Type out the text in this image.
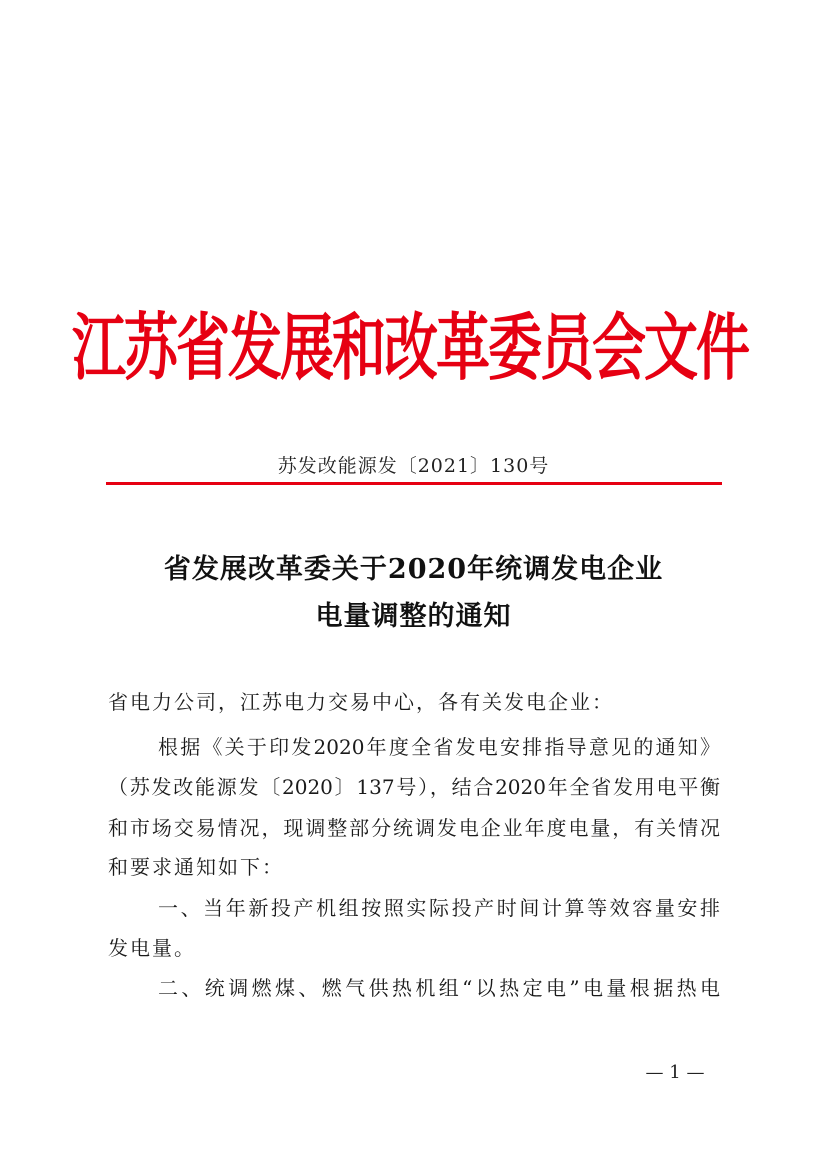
江苏省发展和改革委员会文件
苏发改能源发〔2021〕130号
省发展改革委关于2020年统调发电企业
电量调整的通知
省电力公司，江苏电力交易中心，各有关发电企业：
根据《关于印发2020年度全省发电安排指导意见的通知》
（苏发改能源发〔2020〕137号），结合2020年全省发用电平衡
和市场交易情况，现调整部分统调发电企业年度电量，有关情况
和要求通知如下：
一、当年新投产机组按照实际投产时间计算等效容量安排
发电量。
二、统调燃煤、燃气供热机组“以热定电”电量根据热电
— 1 —
